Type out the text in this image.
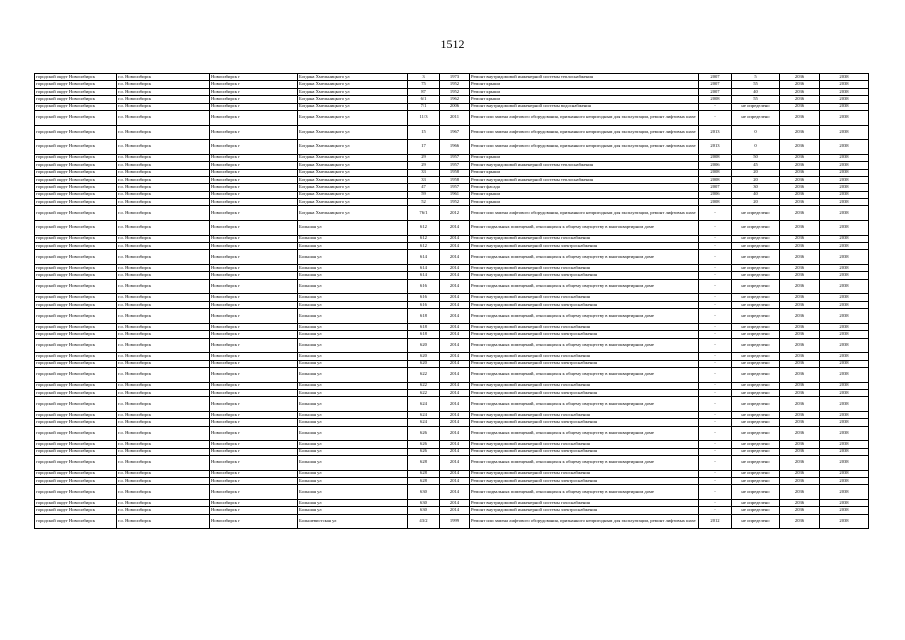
1512
городской округ Новосибирск	г.о. Новосибирск	Новосибирск г	Богдана Хмельницкого ул	3	1973	Ремонт внутридомовой инженерной системы теплоснабжения	2007	5	2036	2038
городской округ Новосибирск	г.о. Новосибирск	Новосибирск г	Богдана Хмельницкого ул	75	1952	Ремонт крыши	2007	55	2036	2038
городской округ Новосибирск	г.о. Новосибирск	Новосибирск г	Богдана Хмельницкого ул	87	1952	Ремонт крыши	2007	40	2036	2038
городской округ Новосибирск	г.о. Новосибирск	Новосибирск г	Богдана Хмельницкого ул	6/1	1962	Ремонт крыши	2008	55	2036	2038
городской округ Новосибирск	г.о. Новосибирск	Новосибирск г	Богдана Хмельницкого ул	7/1	2006	Ремонт внутридомовой инженерной системы водоснабжения	-	не определено	2036	2038
городской округ Новосибирск	г.о. Новосибирск	Новосибирск г	Богдана Хмельницкого ул	11/3	2011	Ремонт или замена лифтового оборудования, признанного непригодным для эксплуатации, ремонт лифтовых шахт	-	не определено	2036	2038
городской округ Новосибирск	г.о. Новосибирск	Новосибирск г	Богдана Хмельницкого ул	15	1967	Ремонт или замена лифтового оборудования, признанного непригодным для эксплуатации, ремонт лифтовых шахт	2013	0	2036	2038
городской округ Новосибирск	г.о. Новосибирск	Новосибирск г	Богдана Хмельницкого ул	17	1966	Ремонт или замена лифтового оборудования, признанного непригодным для эксплуатации, ремонт лифтовых шахт	2013	0	2036	2038
городской округ Новосибирск	г.о. Новосибирск	Новосибирск г	Богдана Хмельницкого ул	29	1957	Ремонт крыши	2008	50	2036	2038
городской округ Новосибирск	г.о. Новосибирск	Новосибирск г	Богдана Хмельницкого ул	29	1957	Ремонт внутридомовой инженерной системы теплоснабжения	2006	45	2036	2038
городской округ Новосибирск	г.о. Новосибирск	Новосибирск г	Богдана Хмельницкого ул	33	1958	Ремонт крыши	2008	20	2036	2038
городской округ Новосибирск	г.о. Новосибирск	Новосибирск г	Богдана Хмельницкого ул	33	1958	Ремонт внутридомовой инженерной системы теплоснабжения	2008	20	2036	2038
городской округ Новосибирск	г.о. Новосибирск	Новосибирск г	Богдана Хмельницкого ул	47	1957	Ремонт фасада	2007	30	2036	2038
городской округ Новосибирск	г.о. Новосибирск	Новосибирск г	Богдана Хмельницкого ул	59	1961	Ремонт крыши	2006	40	2036	2038
городской округ Новосибирск	г.о. Новосибирск	Новосибирск г	Богдана Хмельницкого ул	52	1952	Ремонт крыши	2008	20	2036	2038
городской округ Новосибирск	г.о. Новосибирск	Новосибирск г	Богдана Хмельницкого ул	76/1	2012	Ремонт или замена лифтового оборудования, признанного непригодным для эксплуатации, ремонт лифтовых шахт	-	не определено	2036	2038
городской округ Новосибирск	г.о. Новосибирск	Новосибирск г	Большая ул	612	2014	Ремонт подвальных помещений, относящихся к общему имуществу в многоквартирном доме	-	не определено	2036	2038
городской округ Новосибирск	г.о. Новосибирск	Новосибирск г	Большая ул	612	2014	Ремонт внутридомовой инженерной системы газоснабжения	-	не определено	2036	2038
городской округ Новосибирск	г.о. Новосибирск	Новосибирск г	Большая ул	612	2014	Ремонт внутридомовой инженерной системы электроснабжения	-	не определено	2036	2038
городской округ Новосибирск	г.о. Новосибирск	Новосибирск г	Большая ул	614	2014	Ремонт подвальных помещений, относящихся к общему имуществу в многоквартирном доме	-	не определено	2036	2038
городской округ Новосибирск	г.о. Новосибирск	Новосибирск г	Большая ул	614	2014	Ремонт внутридомовой инженерной системы газоснабжения	-	не определено	2036	2038
городской округ Новосибирск	г.о. Новосибирск	Новосибирск г	Большая ул	614	2014	Ремонт внутридомовой инженерной системы электроснабжения	-	не определено	2036	2038
городской округ Новосибирск	г.о. Новосибирск	Новосибирск г	Большая ул	616	2014	Ремонт подвальных помещений, относящихся к общему имуществу в многоквартирном доме	-	не определено	2036	2038
городской округ Новосибирск	г.о. Новосибирск	Новосибирск г	Большая ул	616	2014	Ремонт внутридомовой инженерной системы газоснабжения	-	не определено	2036	2038
городской округ Новосибирск	г.о. Новосибирск	Новосибирск г	Большая ул	616	2014	Ремонт внутридомовой инженерной системы электроснабжения	-	не определено	2036	2038
городской округ Новосибирск	г.о. Новосибирск	Новосибирск г	Большая ул	618	2014	Ремонт подвальных помещений, относящихся к общему имуществу в многоквартирном доме	-	не определено	2036	2038
городской округ Новосибирск	г.о. Новосибирск	Новосибирск г	Большая ул	618	2014	Ремонт внутридомовой инженерной системы газоснабжения	-	не определено	2036	2038
городской округ Новосибирск	г.о. Новосибирск	Новосибирск г	Большая ул	618	2014	Ремонт внутридомовой инженерной системы электроснабжения	-	не определено	2036	2038
городской округ Новосибирск	г.о. Новосибирск	Новосибирск г	Большая ул	620	2014	Ремонт подвальных помещений, относящихся к общему имуществу в многоквартирном доме	-	не определено	2036	2038
городской округ Новосибирск	г.о. Новосибирск	Новосибирск г	Большая ул	620	2014	Ремонт внутридомовой инженерной системы газоснабжения	-	не определено	2036	2038
городской округ Новосибирск	г.о. Новосибирск	Новосибирск г	Большая ул	620	2014	Ремонт внутридомовой инженерной системы электроснабжения	-	не определено	2036	2038
городской округ Новосибирск	г.о. Новосибирск	Новосибирск г	Большая ул	622	2014	Ремонт подвальных помещений, относящихся к общему имуществу в многоквартирном доме	-	не определено	2036	2038
городской округ Новосибирск	г.о. Новосибирск	Новосибирск г	Большая ул	622	2014	Ремонт внутридомовой инженерной системы газоснабжения	-	не определено	2036	2038
городской округ Новосибирск	г.о. Новосибирск	Новосибирск г	Большая ул	622	2014	Ремонт внутридомовой инженерной системы электроснабжения	-	не определено	2036	2038
городской округ Новосибирск	г.о. Новосибирск	Новосибирск г	Большая ул	624	2014	Ремонт подвальных помещений, относящихся к общему имуществу в многоквартирном доме	-	не определено	2036	2038
городской округ Новосибирск	г.о. Новосибирск	Новосибирск г	Большая ул	624	2014	Ремонт внутридомовой инженерной системы газоснабжения	-	не определено	2036	2038
городской округ Новосибирск	г.о. Новосибирск	Новосибирск г	Большая ул	624	2014	Ремонт внутридомовой инженерной системы электроснабжения	-	не определено	2036	2038
городской округ Новосибирск	г.о. Новосибирск	Новосибирск г	Большая ул	626	2014	Ремонт подвальных помещений, относящихся к общему имуществу в многоквартирном доме	-	не определено	2036	2038
городской округ Новосибирск	г.о. Новосибирск	Новосибирск г	Большая ул	626	2014	Ремонт внутридомовой инженерной системы газоснабжения	-	не определено	2036	2038
городской округ Новосибирск	г.о. Новосибирск	Новосибирск г	Большая ул	626	2014	Ремонт внутридомовой инженерной системы электроснабжения	-	не определено	2036	2038
городской округ Новосибирск	г.о. Новосибирск	Новосибирск г	Большая ул	628	2014	Ремонт подвальных помещений, относящихся к общему имуществу в многоквартирном доме	-	не определено	2036	2038
городской округ Новосибирск	г.о. Новосибирск	Новосибирск г	Большая ул	628	2014	Ремонт внутридомовой инженерной системы газоснабжения	-	не определено	2036	2038
городской округ Новосибирск	г.о. Новосибирск	Новосибирск г	Большая ул	628	2014	Ремонт внутридомовой инженерной системы электроснабжения	-	не определено	2036	2038
городской округ Новосибирск	г.о. Новосибирск	Новосибирск г	Большая ул	630	2014	Ремонт подвальных помещений, относящихся к общему имуществу в многоквартирном доме	-	не определено	2036	2038
городской округ Новосибирск	г.о. Новосибирск	Новосибирск г	Большая ул	630	2014	Ремонт внутридомовой инженерной системы газоснабжения	-	не определено	2036	2038
городской округ Новосибирск	г.о. Новосибирск	Новосибирск г	Большая ул	630	2014	Ремонт внутридомовой инженерной системы электроснабжения	-	не определено	2036	2038
городской округ Новосибирск	г.о. Новосибирск	Новосибирск г	Большевистская ул	43/2	1999	Ремонт или замена лифтового оборудования, признанного непригодным для эксплуатации, ремонт лифтовых шахт	2012	не определено	2036	2038
